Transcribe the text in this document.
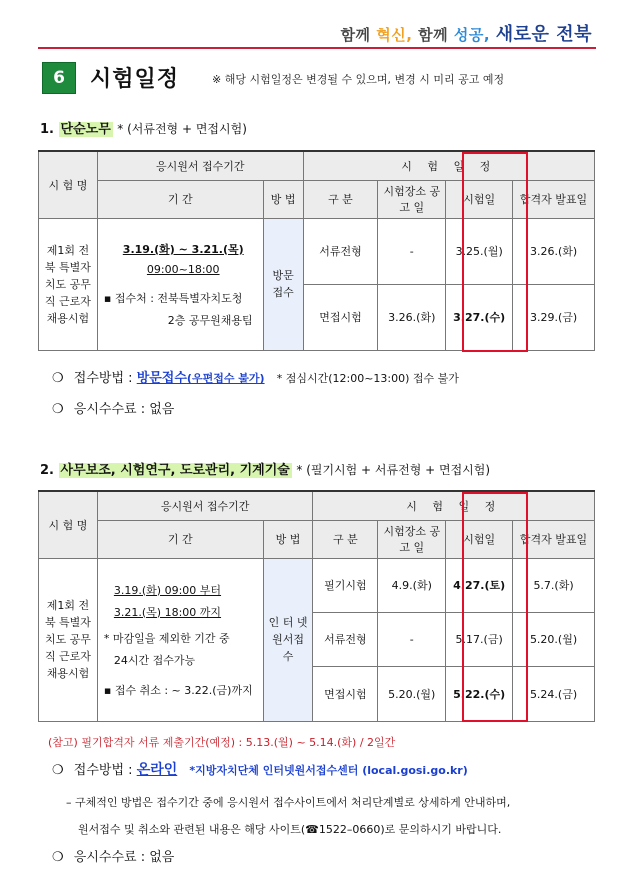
함께 혁신, 함께 성공, 새로운 전북
6	시험일정	※ 해당 시험일정은 변경될 수 있으며, 변경 시 미리 공고 예정
1. 단순노무 * (서류전형 + 면접시험)
시 험 명	응시원서 접수기간		시 험 일 정			
	기 간	방 법	구 분	시험장소 공 고 일	시험일	합격자 발표일
제1회 전북 특별자치도 공무직 근로자 채용시험	3.19.(화) ~ 3.21.(목)
09:00~18:00
▪ 접수처 : 전북특별자치도청
2층 공무원채용팀	방문 접수	서류전형	-	3.25.(월)	3.26.(화)
			면접시험	3.26.(화)	3.27.(수)	3.29.(금)
❍ 접수방법 : 방문접수(우편접수 불가) * 점심시간(12:00~13:00) 접수 불가
❍ 응시수수료 : 없음
2. 사무보조, 시험연구, 도로관리, 기계기술 * (필기시험 + 서류전형 + 면접시험)
시 험 명	응시원서 접수기간		시 험 일 정			
	기 간	방 법	구 분	시험장소 공 고 일	시험일	합격자 발표일
제1회 전북 특별자치도 공무직 근로자 채용시험	3.19.(화) 09:00 부터
3.21.(목) 18:00 까지
* 마감일을 제외한 기간 중
24시간 접수가능
▪ 접수 취소 : ~ 3.22.(금)까지	인 터 넷 원서접수	필기시험	4.9.(화)	4.27.(토)	5.7.(화)
			서류전형	-	5.17.(금)	5.20.(월)
			면접시험	5.20.(월)	5.22.(수)	5.24.(금)
(참고) 필기합격자 서류 제출기간(예정) : 5.13.(월) ~ 5.14.(화) / 2일간
❍ 접수방법 : 온라인 *지방자치단체 인터넷원서접수센터 (local.gosi.go.kr)
– 구체적인 방법은 접수기간 중에 응시원서 접수사이트에서 처리단계별로 상세하게 안내하며,
원서접수 및 취소와 관련된 내용은 해당 사이트(☎1522–0660)로 문의하시기 바랍니다.
❍ 응시수수료 : 없음
